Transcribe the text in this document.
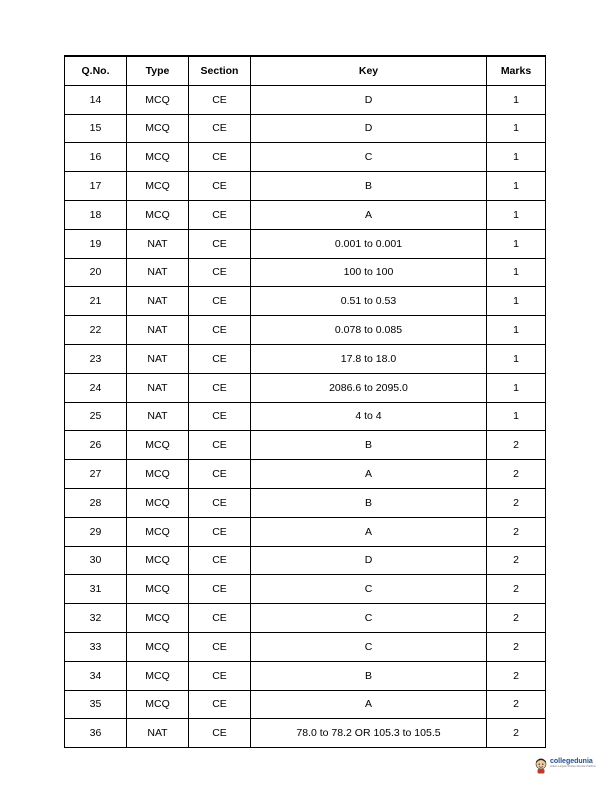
Q.No.	Type	Section	Key	Marks
14	MCQ	CE	D	1
15	MCQ	CE	D	1
16	MCQ	CE	C	1
17	MCQ	CE	B	1
18	MCQ	CE	A	1
19	NAT	CE	0.001 to 0.001	1
20	NAT	CE	100 to 100	1
21	NAT	CE	0.51 to 0.53	1
22	NAT	CE	0.078 to 0.085	1
23	NAT	CE	17.8 to 18.0	1
24	NAT	CE	2086.6 to 2095.0	1
25	NAT	CE	4 to 4	1
26	MCQ	CE	B	2
27	MCQ	CE	A	2
28	MCQ	CE	B	2
29	MCQ	CE	A	2
30	MCQ	CE	D	2
31	MCQ	CE	C	2
32	MCQ	CE	C	2
33	MCQ	CE	C	2
34	MCQ	CE	B	2
35	MCQ	CE	A	2
36	NAT	CE	78.0 to 78.2 OR 105.3 to 105.5	2
collegedunia
India's Largest Student Review Platform
